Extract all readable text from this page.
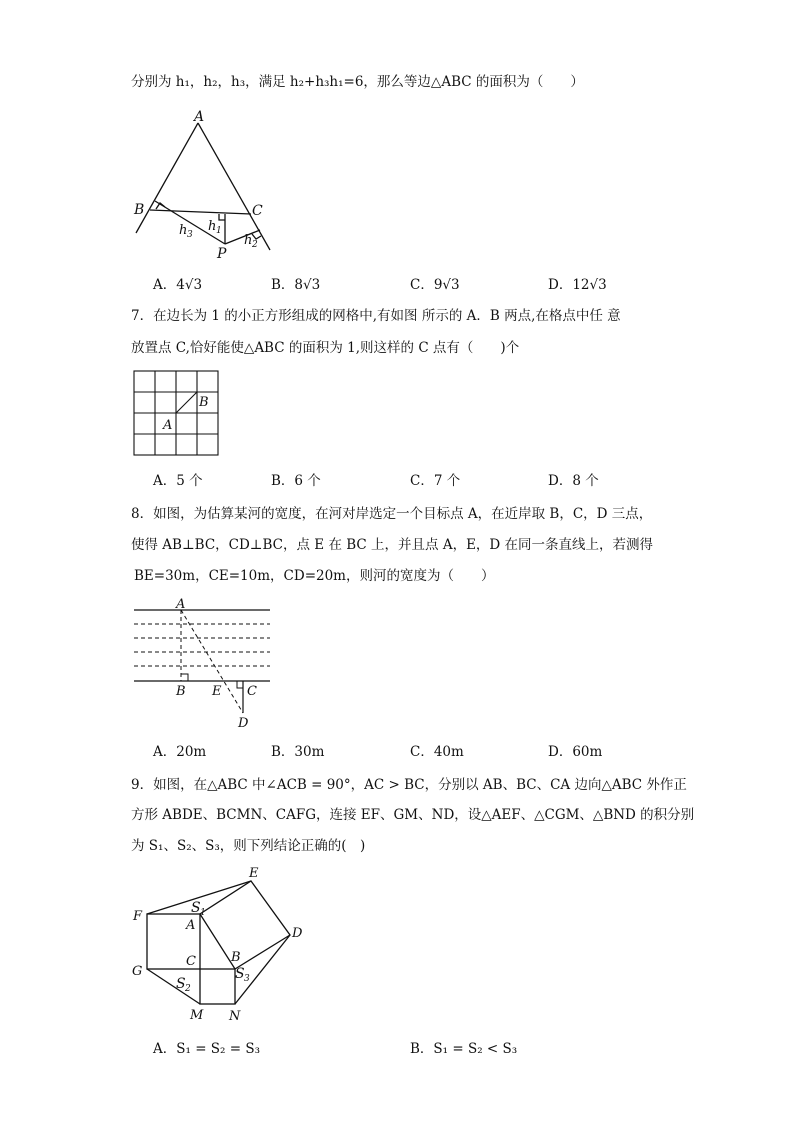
分别为 h₁，h₂，h₃，满足 h₂+h₃h₁=6，那么等边△ABC 的面积为（　　）
A
B	C
P
h 1
h 2
h 3
A．4√3	B．8√3	C．9√3	D．12√3
7．在边长为 1 的小正方形组成的网格中,有如图 所示的 A．B 两点,在格点中任 意
放置点 C,恰好能使△ABC 的面积为 1,则这样的 C 点有（　　)个
A
B
A．5 个	B．6 个	C．7 个	D．8 个
8．如图，为估算某河的宽度，在河对岸选定一个目标点 A，在近岸取 B，C，D 三点，
使得 AB⊥BC，CD⊥BC，点 E 在 BC 上，并且点 A，E，D 在同一条直线上，若测得
BE=30m，CE=10m，CD=20m，则河的宽度为（　　）
A
B E C
D
A．20m	B．30m	C．40m	D．60m
9．如图，在△ABC 中∠ACB = 90°，AC > BC，分别以 AB、BC、CA 边向△ABC 外作正
方形 ABDE、BCMN、CAFG，连接 EF、GM、ND，设△AEF、△CGM、△BND 的积分别
为 S₁、S₂、S₃，则下列结论正确的(　)
E
F
S 1
A
D
C	B
G
S 2
S 3
M N
A．S₁ = S₂ = S₃	B．S₁ = S₂ < S₃
